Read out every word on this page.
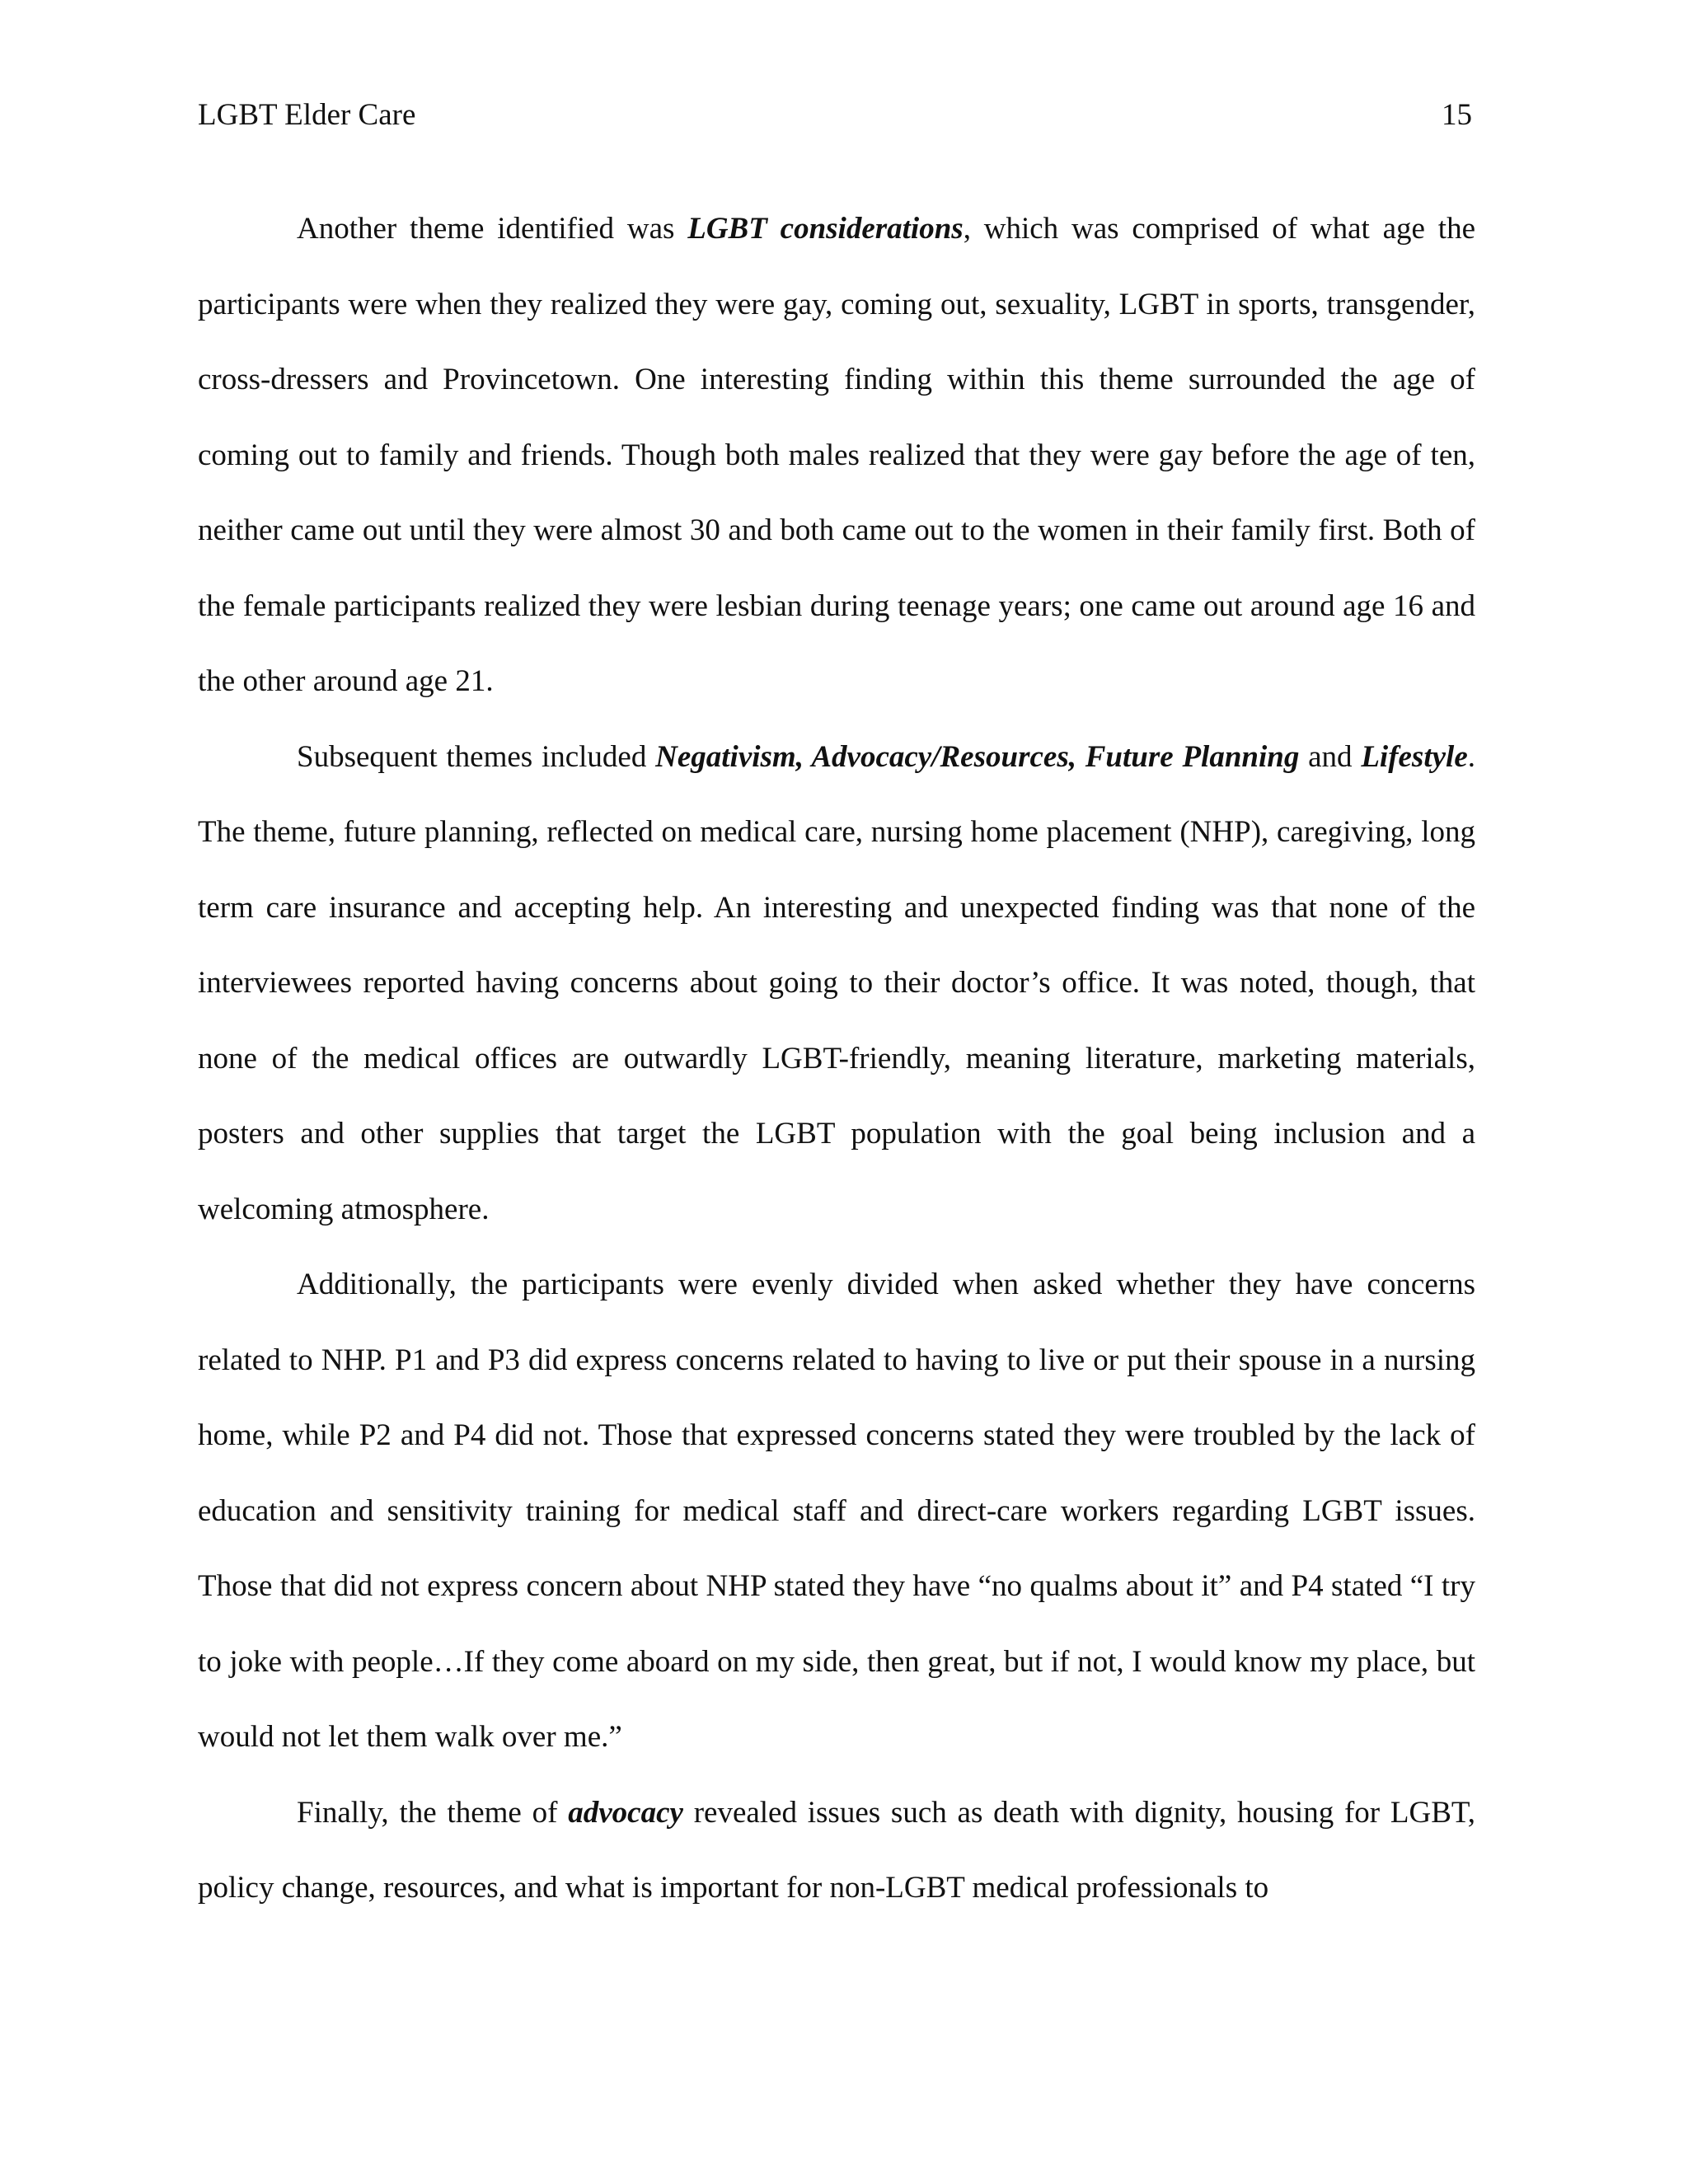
LGBT Elder Care	15

Another theme identified was LGBT considerations, which was comprised of what age the participants were when they realized they were gay, coming out, sexuality, LGBT in sports, transgender, cross-dressers and Provincetown. One interesting finding within this theme surrounded the age of coming out to family and friends. Though both males realized that they were gay before the age of ten, neither came out until they were almost 30 and both came out to the women in their family first. Both of the female participants realized they were lesbian during teenage years; one came out around age 16 and the other around age 21.

Subsequent themes included Negativism, Advocacy/Resources, Future Planning and Lifestyle. The theme, future planning, reflected on medical care, nursing home placement (NHP), caregiving, long term care insurance and accepting help. An interesting and unexpected finding was that none of the interviewees reported having concerns about going to their doctor’s office. It was noted, though, that none of the medical offices are outwardly LGBT-friendly, meaning literature, marketing materials, posters and other supplies that target the LGBT population with the goal being inclusion and a welcoming atmosphere.

Additionally, the participants were evenly divided when asked whether they have concerns related to NHP. P1 and P3 did express concerns related to having to live or put their spouse in a nursing home, while P2 and P4 did not. Those that expressed concerns stated they were troubled by the lack of education and sensitivity training for medical staff and direct-care workers regarding LGBT issues. Those that did not express concern about NHP stated they have “no qualms about it” and P4 stated “I try to joke with people…If they come aboard on my side, then great, but if not, I would know my place, but would not let them walk over me.”

Finally, the theme of advocacy revealed issues such as death with dignity, housing for LGBT, policy change, resources, and what is important for non-LGBT medical professionals to
